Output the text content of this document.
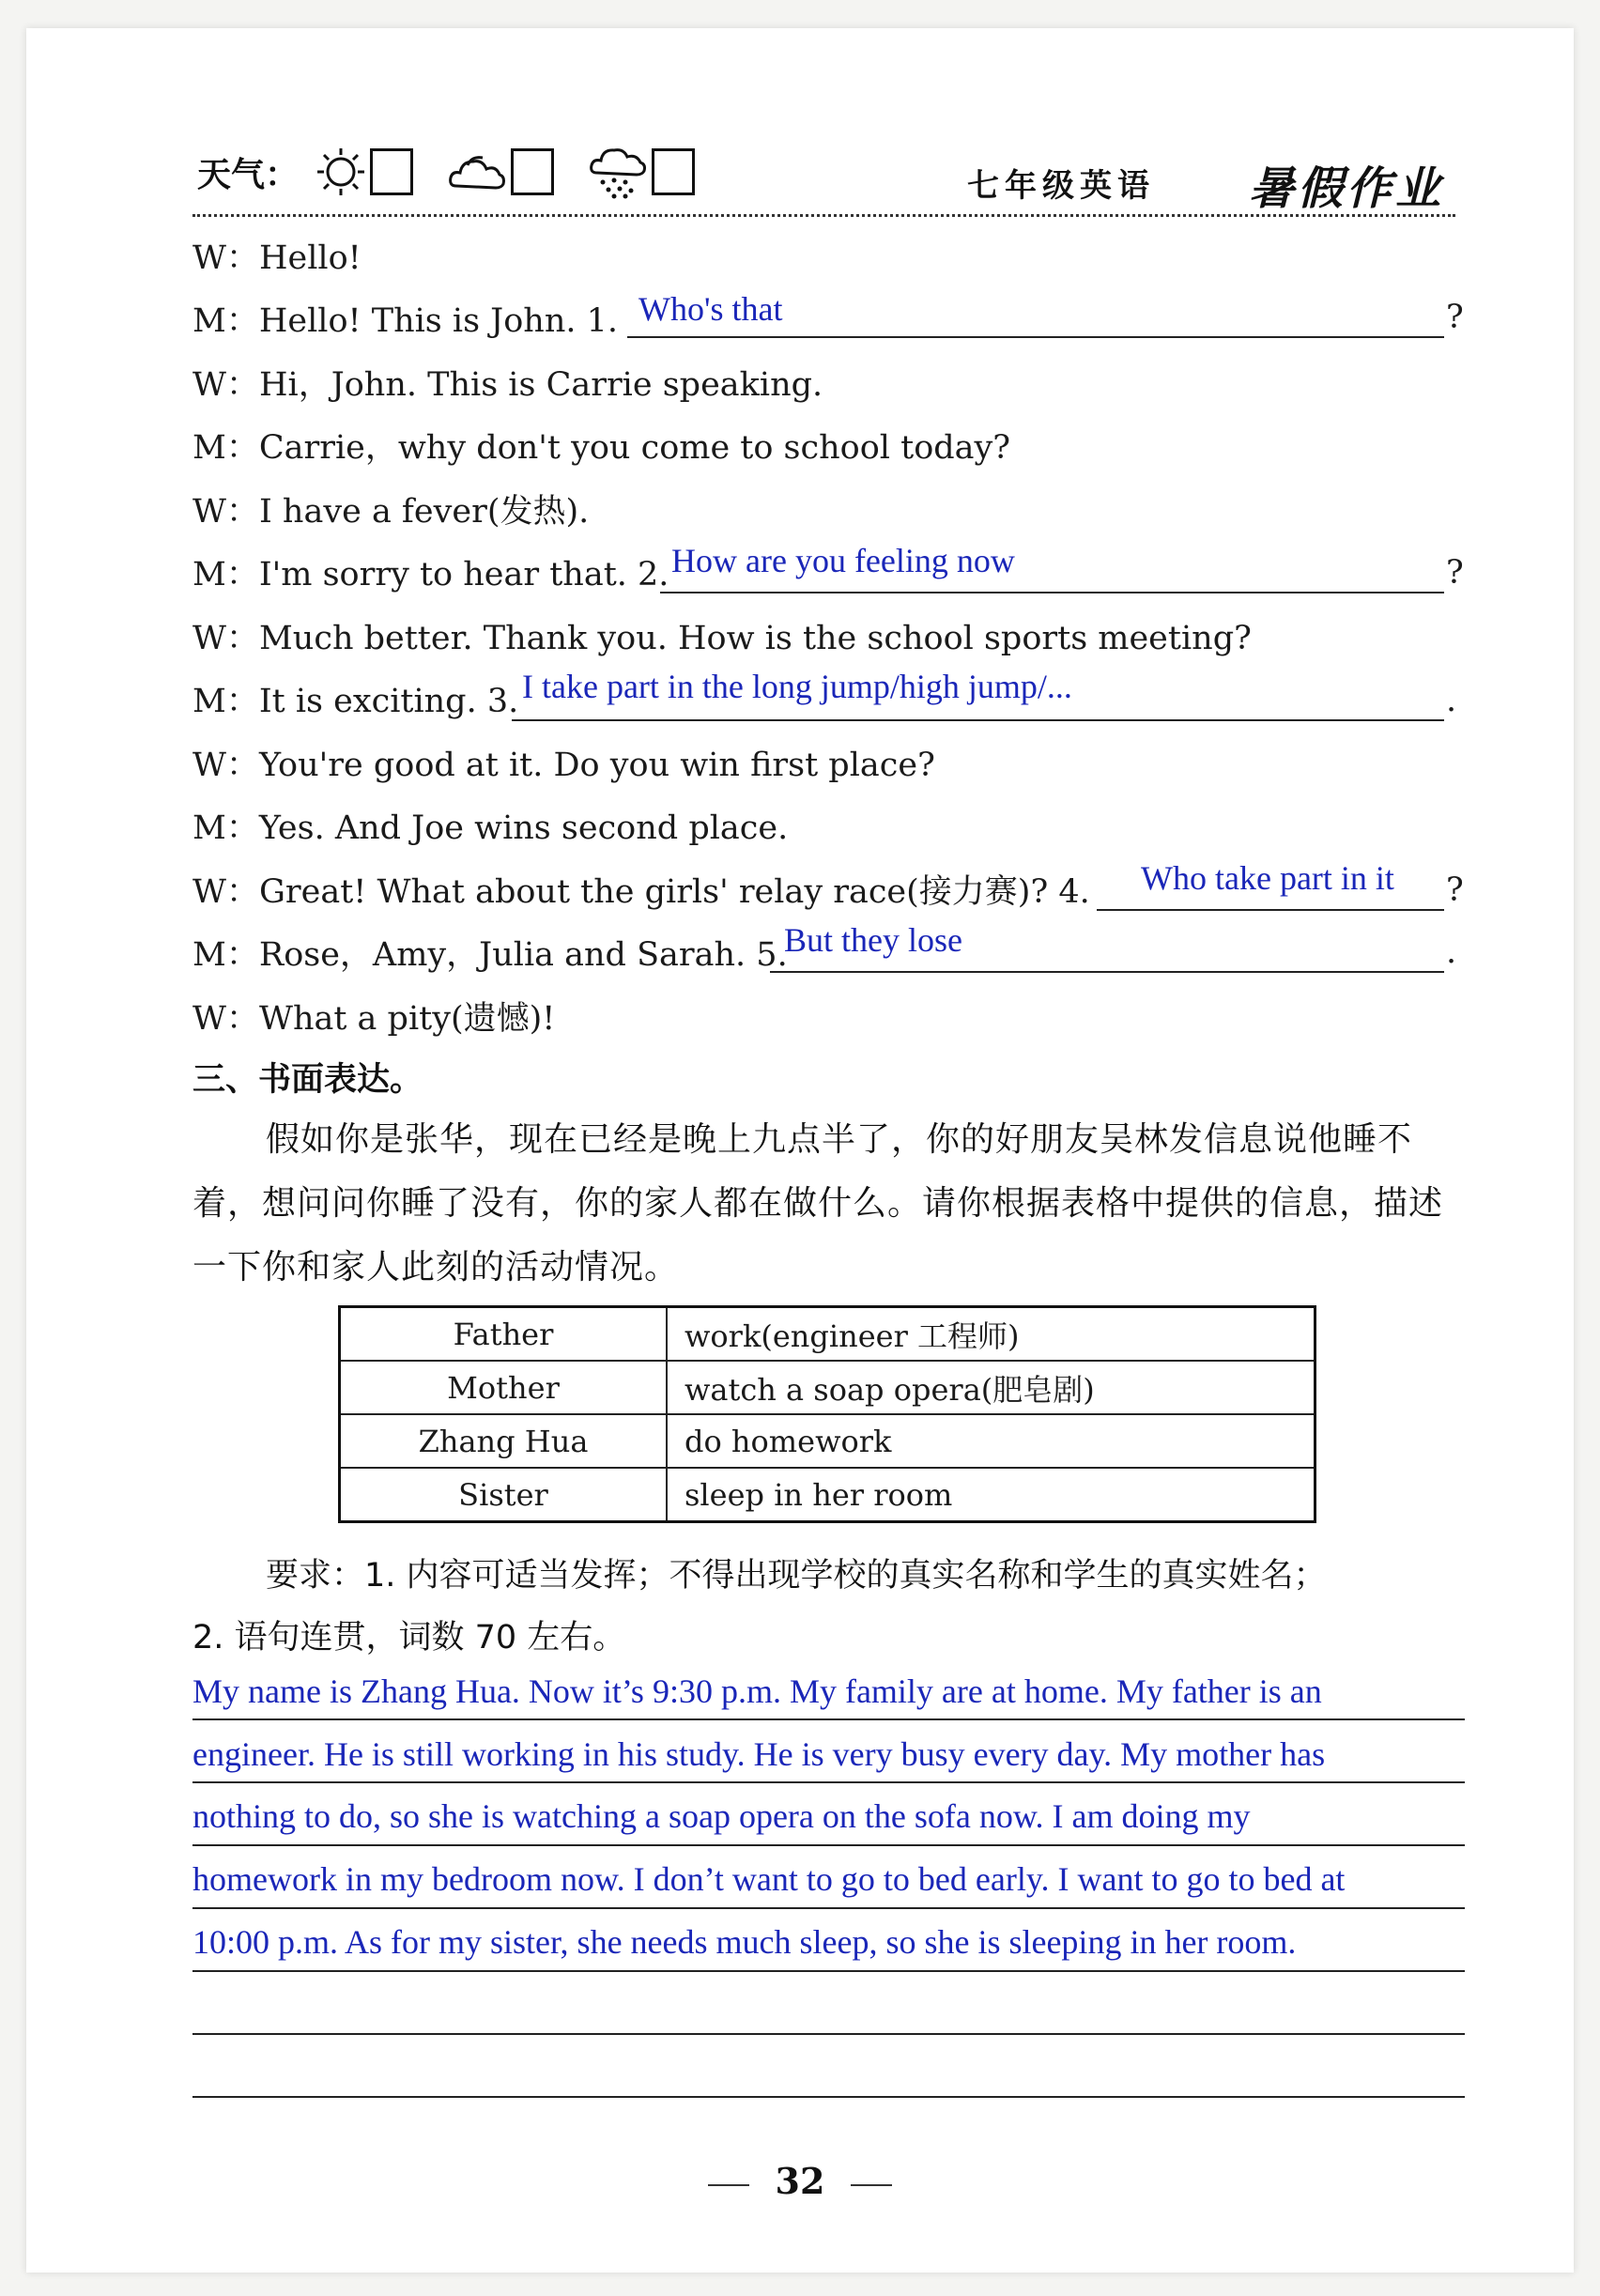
天气：	七年级英语 暑假作业
W：Hello!
M：Hello! This is John. 1. Who's that	?
W：Hi，John. This is Carrie speaking.
M：Carrie，why don't you come to school today?
W：I have a fever(发热).
M：I'm sorry to hear that. 2. How are you feeling now	?
W：Much better. Thank you. How is the school sports meeting?
M：It is exciting. 3. I take part in the long jump/high jump/...	.
W：You're good at it. Do you win first place?
M：Yes. And Joe wins second place.
W：Great! What about the girls' relay race(接力赛)? 4. Who take part in it ?
M：Rose，Amy，Julia and Sarah. 5.
But they lose	.
W：What a pity(遗憾)!
三、书面表达。
假如你是张华，现在已经是晚上九点半了，你的好朋友吴林发信息说他睡不着，想问问你睡了没有，你的家人都在做什么。请你根据表格中提供的信息，描述一下你和家人此刻的活动情况。
Father	work(engineer 工程师)
Mother	watch a soap opera(肥皂剧)
Zhang Hua	do homework
Sister	sleep in her room
要求：1. 内容可适当发挥；不得出现学校的真实名称和学生的真实姓名；
2. 语句连贯，词数 70 左右。
My name is Zhang Hua. Now it’s 9:30 p.m. My family are at home. My father is an
engineer. He is still working in his study. He is very busy every day. My mother has
nothing to do, so she is watching a soap opera on the sofa now. I am doing my
homework in my bedroom now. I don’t want to go to bed early. I want to go to bed at
10:00 p.m. As for my sister, she needs much sleep, so she is sleeping in her room.
32
